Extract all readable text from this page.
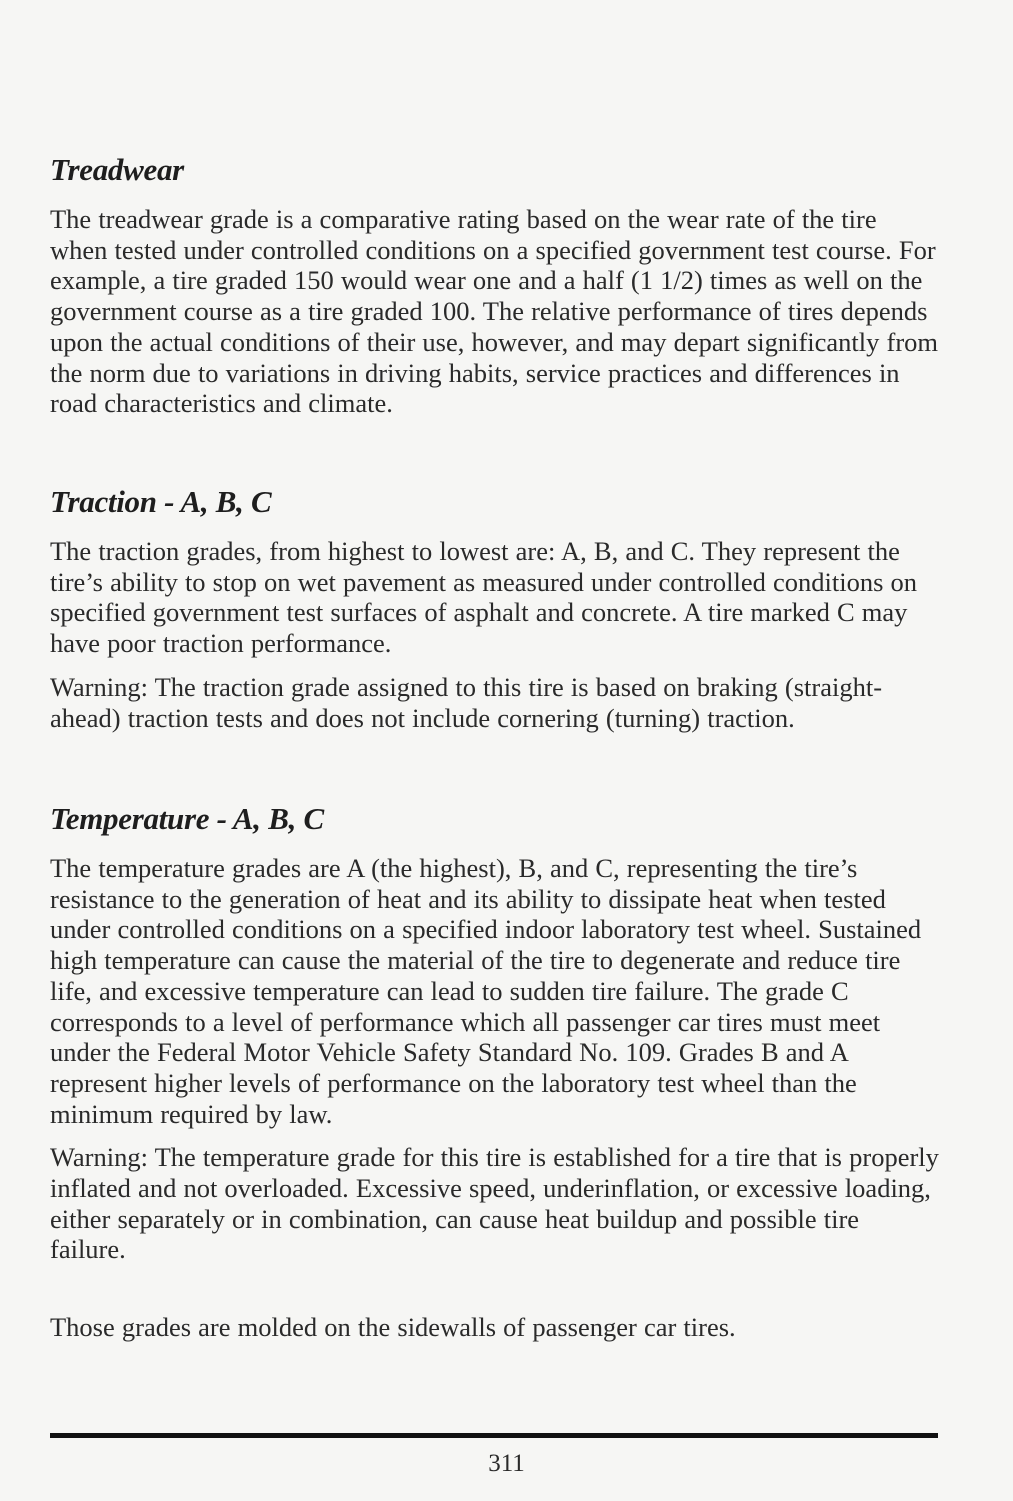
Treadwear

The treadwear grade is a comparative rating based on the wear rate of the tire when tested under controlled conditions on a specified government test course. For example, a tire graded 150 would wear one and a half (1 1/2) times as well on the government course as a tire graded 100. The relative performance of tires depends upon the actual conditions of their use, however, and may depart significantly from the norm due to variations in driving habits, service practices and differences in road characteristics and climate.

Traction - A, B, C

The traction grades, from highest to lowest are: A, B, and C. They represent the tire’s ability to stop on wet pavement as measured under controlled conditions on specified government test surfaces of asphalt and concrete. A tire marked C may have poor traction performance.

Warning: The traction grade assigned to this tire is based on braking (straight-ahead) traction tests and does not include cornering (turning) traction.

Temperature - A, B, C

The temperature grades are A (the highest), B, and C, representing the tire’s resistance to the generation of heat and its ability to dissipate heat when tested under controlled conditions on a specified indoor laboratory test wheel. Sustained high temperature can cause the material of the tire to degenerate and reduce tire life, and excessive temperature can lead to sudden tire failure. The grade C corresponds to a level of performance which all passenger car tires must meet under the Federal Motor Vehicle Safety Standard No. 109. Grades B and A represent higher levels of performance on the laboratory test wheel than the minimum required by law.

Warning: The temperature grade for this tire is established for a tire that is properly inflated and not overloaded. Excessive speed, underinflation, or excessive loading, either separately or in combination, can cause heat buildup and possible tire failure.

Those grades are molded on the sidewalls of passenger car tires.

311
